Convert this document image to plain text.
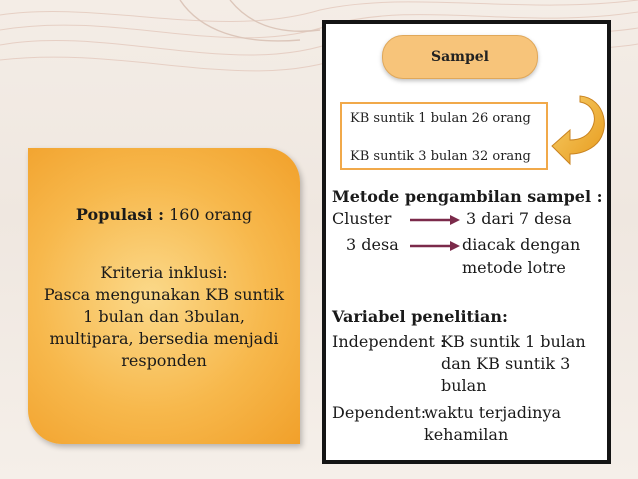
Populasi : 160 orang
Kriteria inklusi:
Pasca mengunakan KB suntik
1 bulan dan 3bulan,
multipara, bersedia menjadi
responden
Sampel
KB suntik 1 bulan 26 orang
KB suntik 3 bulan 32 orang
Metode pengambilan sampel :
Cluster	3 dari 7 desa
3 desa	diacak dengan
metode lotre
Variabel penelitian:
Independent :
KB suntik 1 bulan
dan KB suntik 3
bulan
Dependent:
waktu terjadinya
kehamilan
